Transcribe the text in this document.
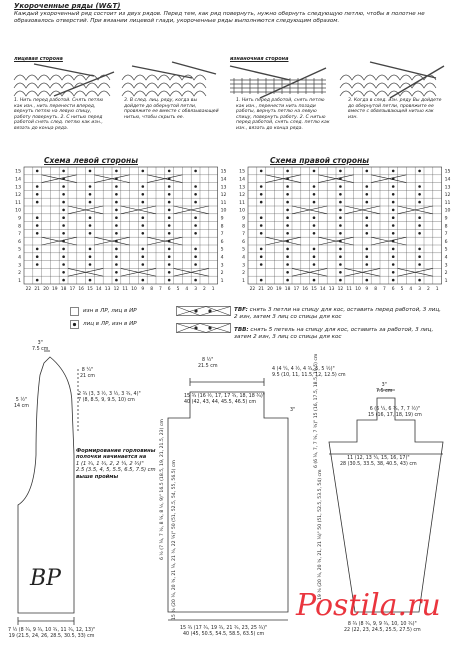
Укороченные ряды (W&T)
Каждый укороченный ряд состоит из двух рядов. Перед тем, как ряд повернуть, нужно обернуть следующую петлю, чтобы в полотне не образовалось отверстий. При вязании лицевой глади, укороченные ряды выполняются следующим образом.
лицевая сторона	изнаночная сторона
1. Нить перед работой. Снять петлю как изн., нить перенести вперед, вернуть петлю на левую спицу, работу повернуть. 2. С нитью перед работой снять след. петлю как изн., вязать до конца ряда.
3. В след. лиц. ряду, когда вы дойдете до обернутой петли, провяжите ее вместе с обвязывающей нитью, чтобы скрыть ее.
1. Нить перед работой, снять петлю как изн., перенести нить позади работы, вернуть петлю на левую спицу, повернуть работу. 2. С нитью перед работой, снять след. петлю как изн., вязать до конца ряда.
3. Когда в след. изн. ряду Вы дойдете до обернутой петли, провяжите ее вместе с обвязывающей нитью как изн.
Схема левой стороны	Схема правой стороны
15	15
14	14
13	13
12	12
11	11
10	10
9	9
8	8
7	7
6	6
5	5
4	4
3	3
2	2
1	1
22 21 20 19 18 17 16 15 14 13 12 11 10 9 8 7 6 5 4 3 2 1
15	15
14	14
13	13
12	12
11	11
10	10
9	9
8	8
7	7
6	6
5	5
4	4
3	3
2	2
1	1
22 21 20 19 18 17 16 15 14 13 12 11 10 9 8 7 6 5 4 3 2 1
изн в ЛР, лиц в ИР
лиц в ЛР, изн в ИР
ТВF: снять 3 петли на спицу для кос, оставить перед работой, 3 лиц, 2 изн, затем 3 лиц со спицы для кос
ТВВ: снять 5 петель на спицу для кос, оставить за работой, 3 лиц, затем 2 изн, 3 лиц со спицы для кос
3"
7.5 cm
8 ¼"
21 cm
5 ½"
14 cm
2 ¾ (3, 3 ½, 3 ½, 3 ¾, 4)"
7 (8, 8.5, 9, 9.5, 10) cm
Формирование горловины полочки начинается на
1 (1 ¾, 1 ¾, 2, 2 ¼, 2 ¾)"
2.5 (3.5, 4, 5, 5.5, 6.5, 7.5) cm
выше проймы
ВР
7 ½ (8 ¾, 9 ¾, 10 ¾, 11 ¾, 12, 13)"
19 (21.5, 24, 26, 28.5, 30.5, 33) cm
8 ½"
21.5 cm
4 (4 ¼, 4 ½, 4 ¾, 5, 5 ½)"
9.5 (10, 11, 11.5, 12, 12.5) cm
15 ¾ (16 ½, 17, 17 ¾, 18, 18 ¾)"
40 (42, 43, 44, 45.5, 46.5) cm
6 ½ (7 ¼, 7 ½, 8 ¼, 8 ½, 9)" 16.5 (18.5, 19, 21, 21.5, 23) cm
15 ¾ (20 ¼, 20 ¾, 21 ¼, 21 ¾, 22 ¼)" 50 (51, 52.5, 54, 55, 56.5) cm
3"
15 ¾ (17 ¾, 19 ¾, 21 ¾, 23, 25 ¾)"
40 (45, 50.5, 54.5, 58.5, 63.5) cm
3"
7.5 cm
6 (6 ¼, 6 ¾, 7, 7 ½)"
15 (16, 17, 18, 19) cm
11 (12, 13 ¼, 15, 16, 17)"
28 (30.5, 33.5, 38, 40.5, 43) cm
6 (6 ¼, 7, 7 ¼, 7 ¾)" 15 (16, 17.5, 18.5, 19.5) cm
19 ¾ (20 ¼, 20 ¾, 21, 21 ¼)" 50 (51, 52.5, 53.5, 54) cm
8 ¾ (8 ¾, 9, 9 ¾, 10, 10 ¾)"
22 (22, 23, 24.5, 25.5, 27.5) cm
Postila.ru
